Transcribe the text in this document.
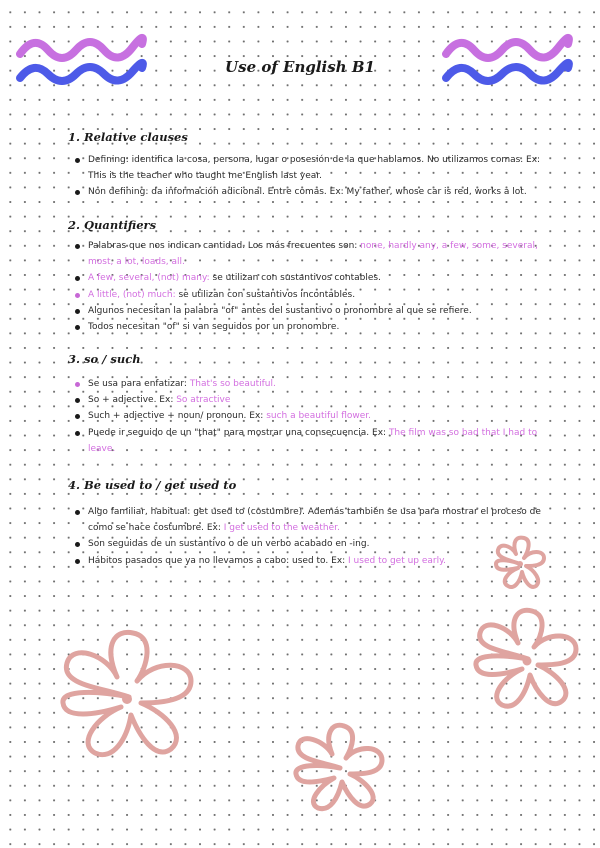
Use of English B1
1. Relative clauses
Defining: identifica la cosa, persona, lugar o posesión de la que hablamos. No utilizamos comas. Ex: This is the teacher who taught me English last year.
Non defining: da información adicional. Entre comas. Ex: My father, whose car is red, works a lot.
2. Quantifiers
Palabras que nos indican cantidad. Los más frecuentes son: none, hardly any, a few, some, several, most, a lot, loads, all.
A few, several, (not) many: se utilizan con sustantivos contables.
A little, (not) much: se utilizan con sustantivos incontables.
Algunos necesitan la palabra "of" antes del sustantivo o pronombre al que se refiere.
Todos necesitan "of" si van seguidos por un pronombre.
3. so / such
Se usa para enfatizar: That's so beautiful.
So + adjective. Ex: So atractive
Such + adjective + noun/ pronoun. Ex: such a beautiful flower.
Puede ir seguido de un "that" para mostrar una consecuencia. Ex: The film was so bad that I had to leave.
4. Be used to / get used to
Algo familiar, habitual: get used to (costumbre). Además también se usa para mostrar el proceso de como se hace costumbre. Ex: I get used to the weather.
Son seguidas de un sustantivo o de un verbo acabado en -ing.
Hábitos pasados que ya no llevamos a cabo: used to. Ex: I used to get up early.
